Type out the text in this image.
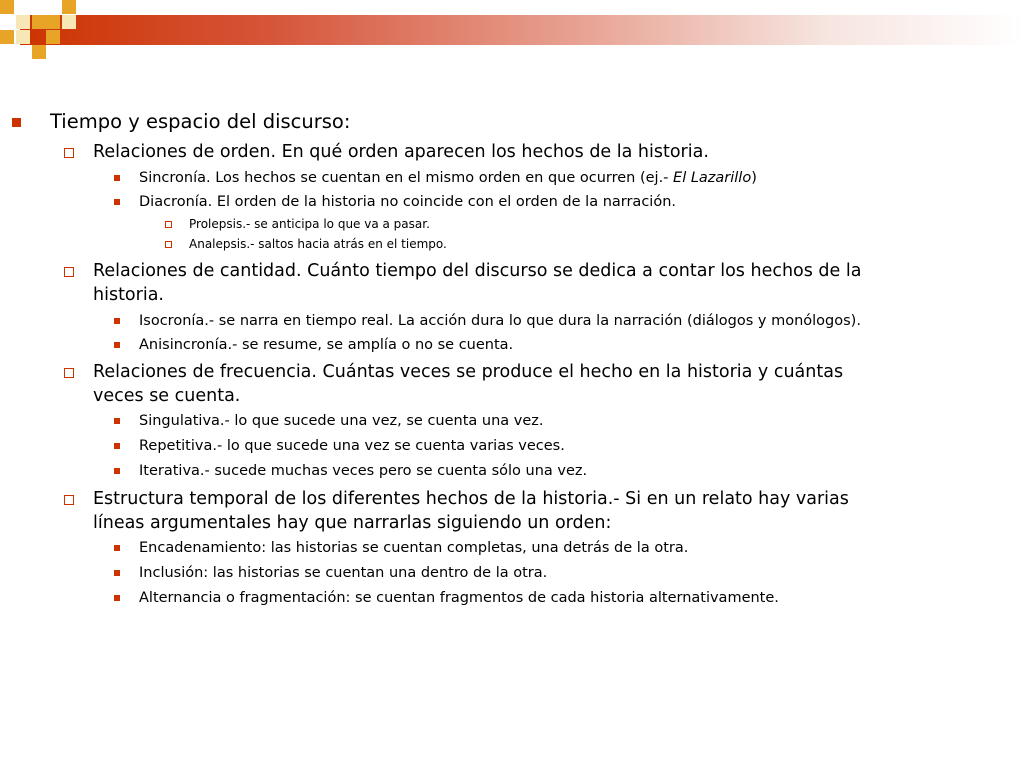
Tiempo y espacio del discurso:
Relaciones de orden. En qué orden aparecen los hechos de la historia.
Sincronía. Los hechos se cuentan en el mismo orden en que ocurren (ej.- El Lazarillo)
Diacronía. El orden de la historia no coincide con el orden de la narración.
Prolepsis.- se anticipa lo que va a pasar.
Analepsis.- saltos hacia atrás en el tiempo.
Relaciones de cantidad. Cuánto tiempo del discurso se dedica a contar los hechos de la
historia.
Isocronía.- se narra en tiempo real. La acción dura lo que dura la narración (diálogos y monólogos).
Anisincronía.- se resume, se amplía o no se cuenta.
Relaciones de frecuencia. Cuántas veces se produce el hecho en la historia y cuántas
veces se cuenta.
Singulativa.- lo que sucede una vez, se cuenta una vez.
Repetitiva.- lo que sucede una vez se cuenta varias veces.
Iterativa.- sucede muchas veces pero se cuenta sólo una vez.
Estructura temporal de los diferentes hechos de la historia.- Si en un relato hay varias
líneas argumentales hay que narrarlas siguiendo un orden:
Encadenamiento: las historias se cuentan completas, una detrás de la otra.
Inclusión: las historias se cuentan una dentro de la otra.
Alternancia o fragmentación: se cuentan fragmentos de cada historia alternativamente.
